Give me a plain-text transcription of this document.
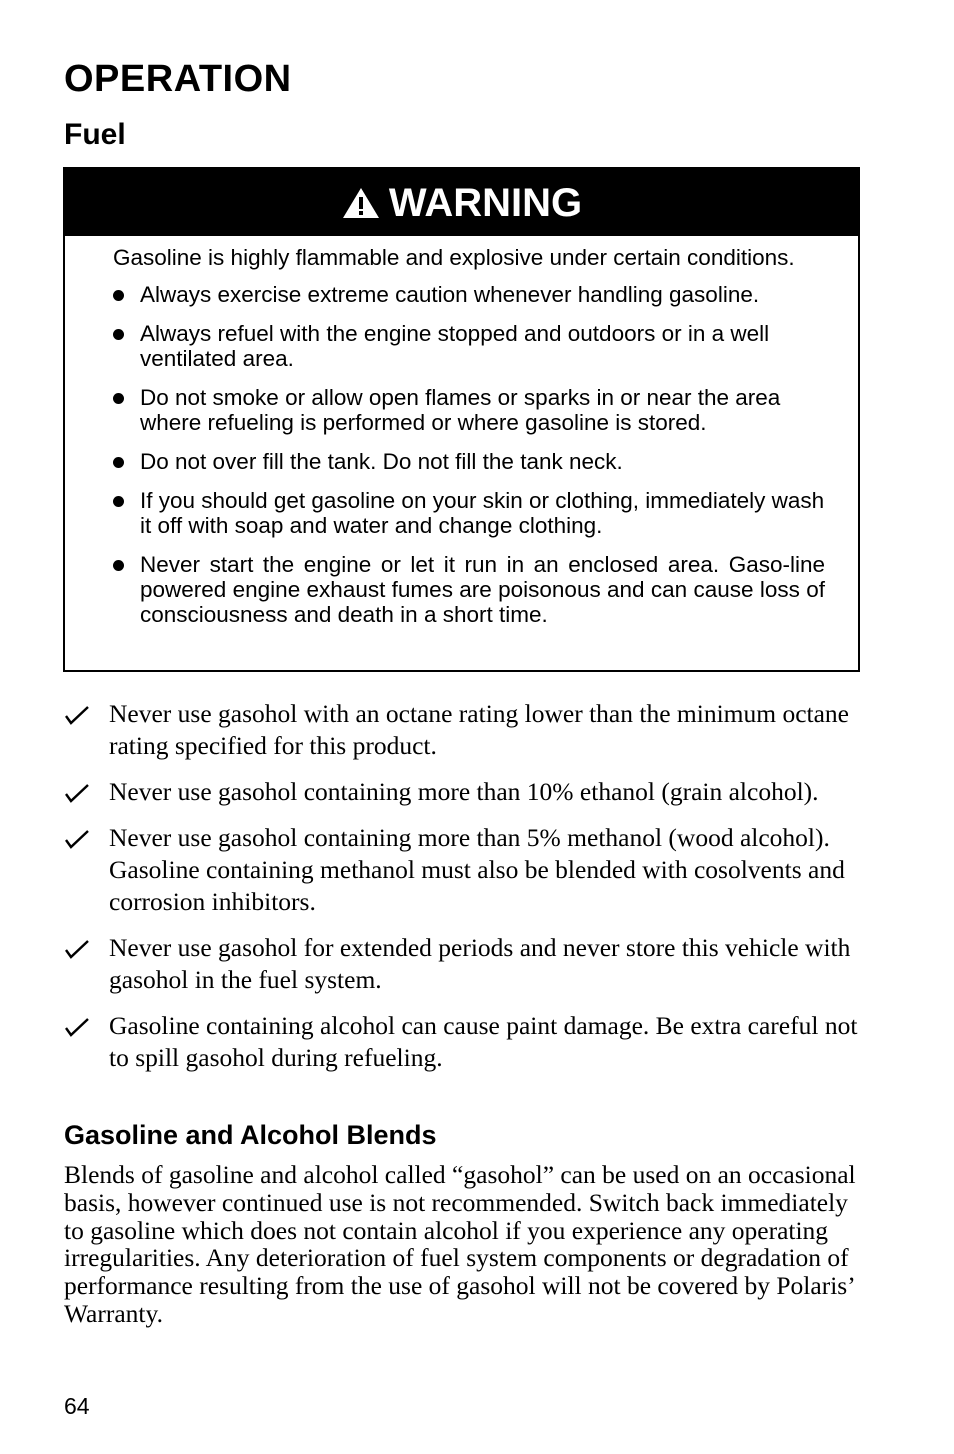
OPERATION
Fuel
WARNING

Gasoline is highly flammable and explosive under certain conditions.

Always exercise extreme caution whenever handling gasoline.
Always refuel with the engine stopped and outdoors or in a well ventilated area.
Do not smoke or allow open flames or sparks in or near the area where refueling is performed or where gasoline is stored.
Do not over fill the tank. Do not fill the tank neck.
If you should get gasoline on your skin or clothing, immediately wash it off with soap and water and change clothing.
Never start the engine or let it run in an enclosed area. Gaso-line powered engine exhaust fumes are poisonous and can cause loss of consciousness and death in a short time.
Never use gasohol with an octane rating lower than the minimum octane rating specified for this product.
Never use gasohol containing more than 10% ethanol (grain alcohol).
Never use gasohol containing more than 5% methanol (wood alcohol). Gasoline containing methanol must also be blended with cosolvents and corrosion inhibitors.
Never use gasohol for extended periods and never store this vehicle with gasohol in the fuel system.
Gasoline containing alcohol can cause paint damage. Be extra careful not to spill gasohol during refueling.
Gasoline and Alcohol Blends

Blends of gasoline and alcohol called “gasohol” can be used on an occasional basis, however continued use is not recommended. Switch back immediately to gasoline which does not contain alcohol if you experience any operating irregularities. Any deterioration of fuel system components or degradation of performance resulting from the use of gasohol will not be covered by Polaris’ Warranty.

64
